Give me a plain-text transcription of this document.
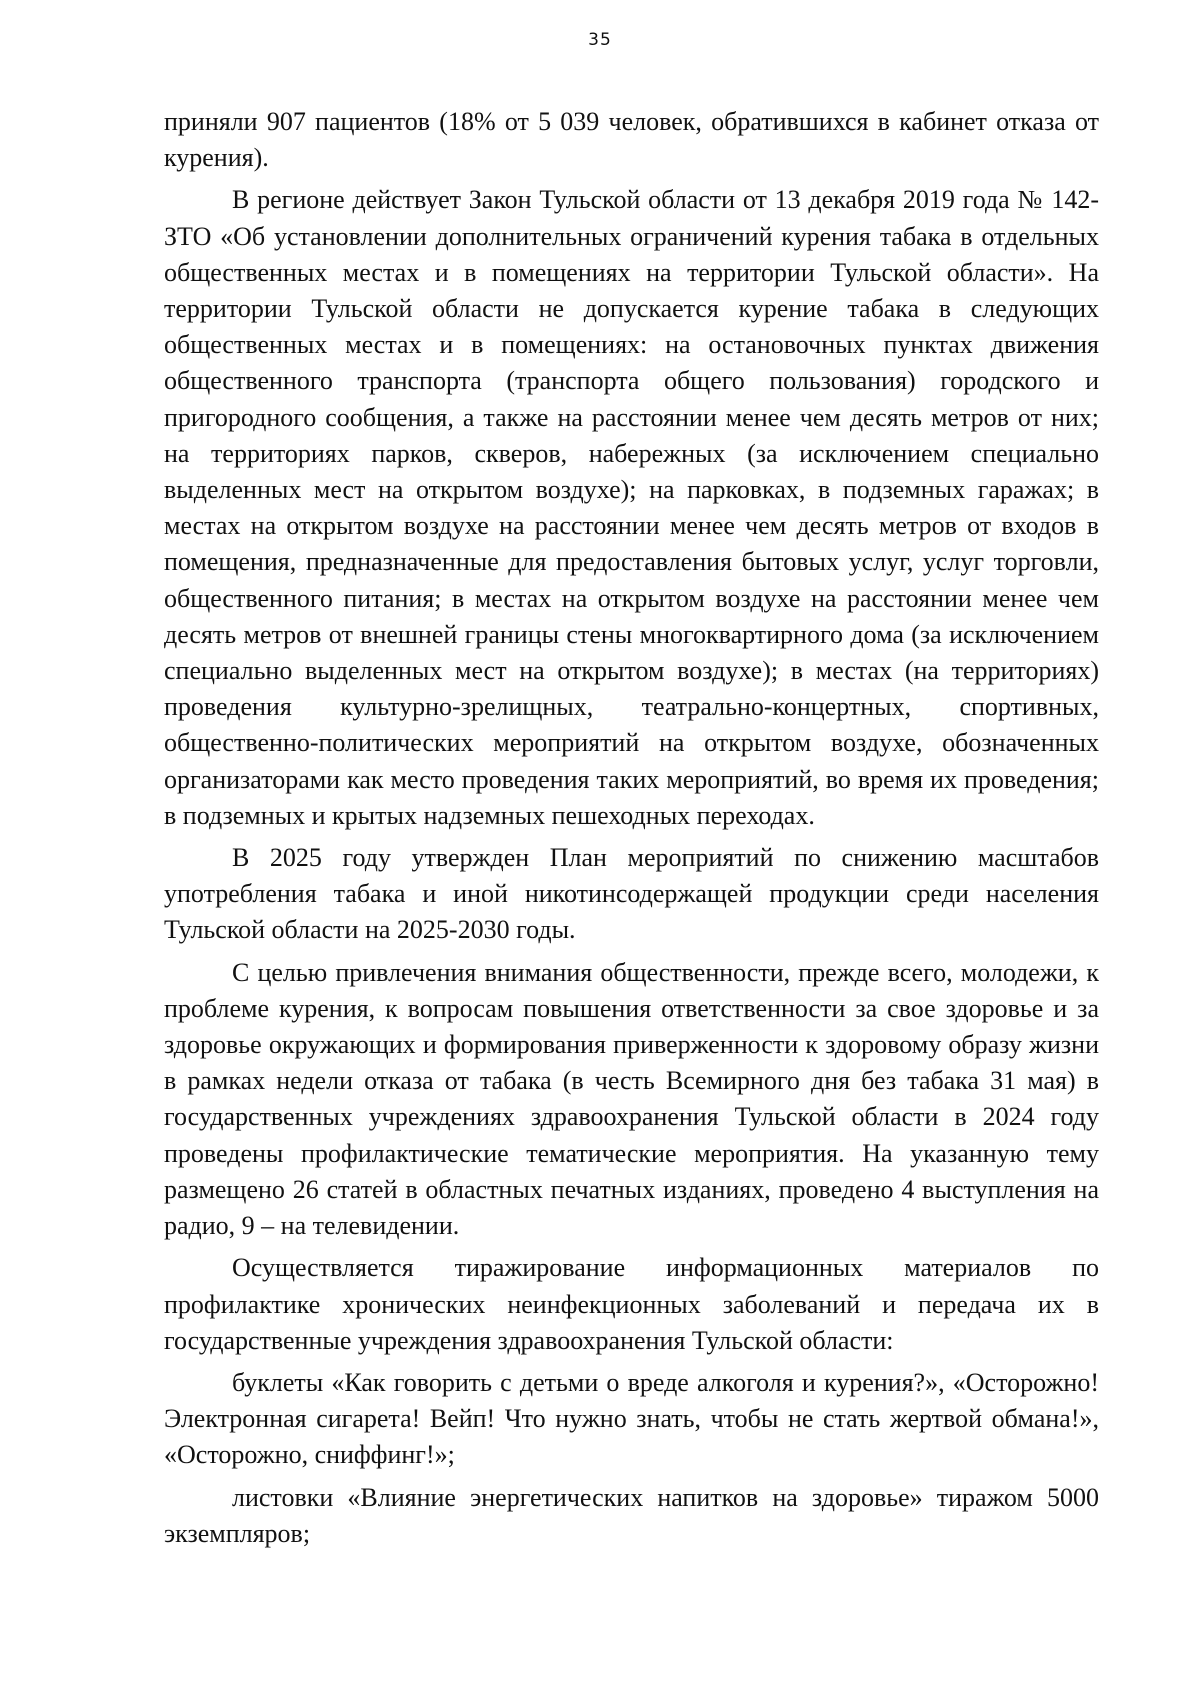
35

приняли 907 пациентов (18% от 5 039 человек, обратившихся в кабинет отказа от курения).

В регионе действует Закон Тульской области от 13 декабря 2019 года № 142-ЗТО «Об установлении дополнительных ограничений курения табака в отдельных общественных местах и в помещениях на территории Тульской области». На территории Тульской области не допускается курение табака в следующих общественных местах и в помещениях: на остановочных пунктах движения общественного транспорта (транспорта общего пользования) городского и пригородного сообщения, а также на расстоянии менее чем десять метров от них; на территориях парков, скверов, набережных (за исключением специально выделенных мест на открытом воздухе); на парковках, в подземных гаражах; в местах на открытом воздухе на расстоянии менее чем десять метров от входов в помещения, предназначенные для предоставления бытовых услуг, услуг торговли, общественного питания; в местах на открытом воздухе на расстоянии менее чем десять метров от внешней границы стены многоквартирного дома (за исключением специально выделенных мест на открытом воздухе); в местах (на территориях) проведения культурно-зрелищных, театрально-концертных, спортивных, общественно-политических мероприятий на открытом воздухе, обозначенных организаторами как место проведения таких мероприятий, во время их проведения; в подземных и крытых надземных пешеходных переходах.

В 2025 году утвержден План мероприятий по снижению масштабов употребления табака и иной никотинсодержащей продукции среди населения Тульской области на 2025-2030 годы.

С целью привлечения внимания общественности, прежде всего, молодежи, к проблеме курения, к вопросам повышения ответственности за свое здоровье и за здоровье окружающих и формирования приверженности к здоровому образу жизни в рамках недели отказа от табака (в честь Всемирного дня без табака 31 мая) в государственных учреждениях здравоохранения Тульской области в 2024 году проведены профилактические тематические мероприятия. На указанную тему размещено 26 статей в областных печатных изданиях, проведено 4 выступления на радио, 9 – на телевидении.

Осуществляется тиражирование информационных материалов по профилактике хронических неинфекционных заболеваний и передача их в государственные учреждения здравоохранения Тульской области:

буклеты «Как говорить с детьми о вреде алкоголя и курения?», «Осторожно! Электронная сигарета! Вейп! Что нужно знать, чтобы не стать жертвой обмана!», «Осторожно, сниффинг!»;

листовки «Влияние энергетических напитков на здоровье» тиражом 5000 экземпляров;
